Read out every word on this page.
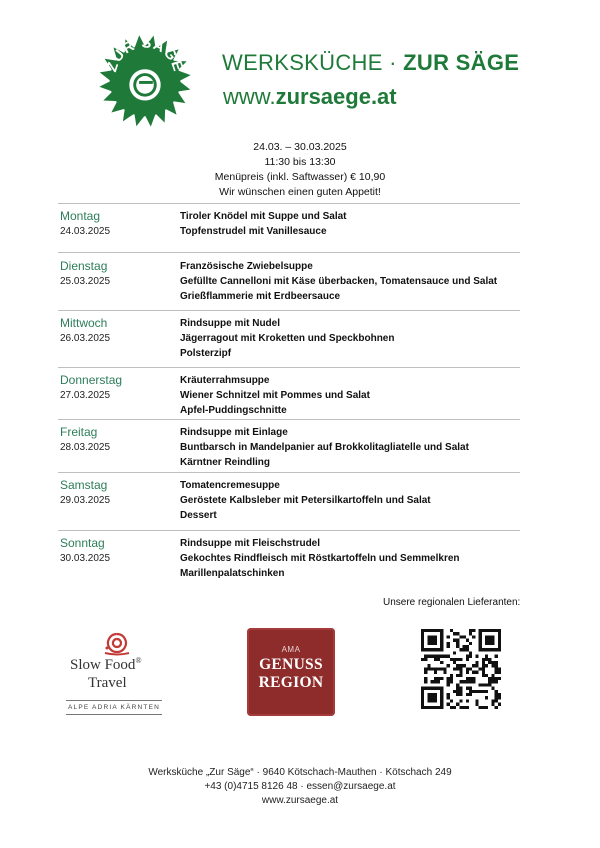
ZUR SÄGE WERKSKÜCHE · ZUR SÄGE
www.zursaege.at
24.03. – 30.03.2025
11:30 bis 13:30
Menüpreis (inkl. Saftwasser) € 10,90
Wir wünschen einen guten Appetit!
Montag
24.03.2025
Tiroler Knödel mit Suppe und Salat
Topfenstrudel mit Vanillesauce
Dienstag
25.03.2025
Französische Zwiebelsuppe
Gefüllte Cannelloni mit Käse überbacken, Tomatensauce und Salat
Grießflammerie mit Erdbeersauce
Mittwoch
26.03.2025
Rindsuppe mit Nudel
Jägerragout mit Kroketten und Speckbohnen
Polsterzipf
Donnerstag
27.03.2025
Kräuterrahmsuppe
Wiener Schnitzel mit Pommes und Salat
Apfel-Puddingschnitte
Freitag
28.03.2025
Rindsuppe mit Einlage
Buntbarsch in Mandelpanier auf Brokkolitagliatelle und Salat
Kärntner Reindling
Samstag
29.03.2025
Tomatencremesuppe
Geröstete Kalbsleber mit Petersilkartoffeln und Salat
Dessert
Sonntag
30.03.2025
Rindsuppe mit Fleischstrudel
Gekochtes Rindfleisch mit Röstkartoffeln und Semmelkren
Marillenpalatschinken
Unsere regionalen Lieferanten:
Slow Food®
Travel
ALPE ADRIA KÄRNTEN
AMA
GENUSS
REGION
Werksküche „Zur Säge“ · 9640 Kötschach-Mauthen · Kötschach 249
+43 (0)4715 8126 48 · essen@zursaege.at
www.zursaege.at
